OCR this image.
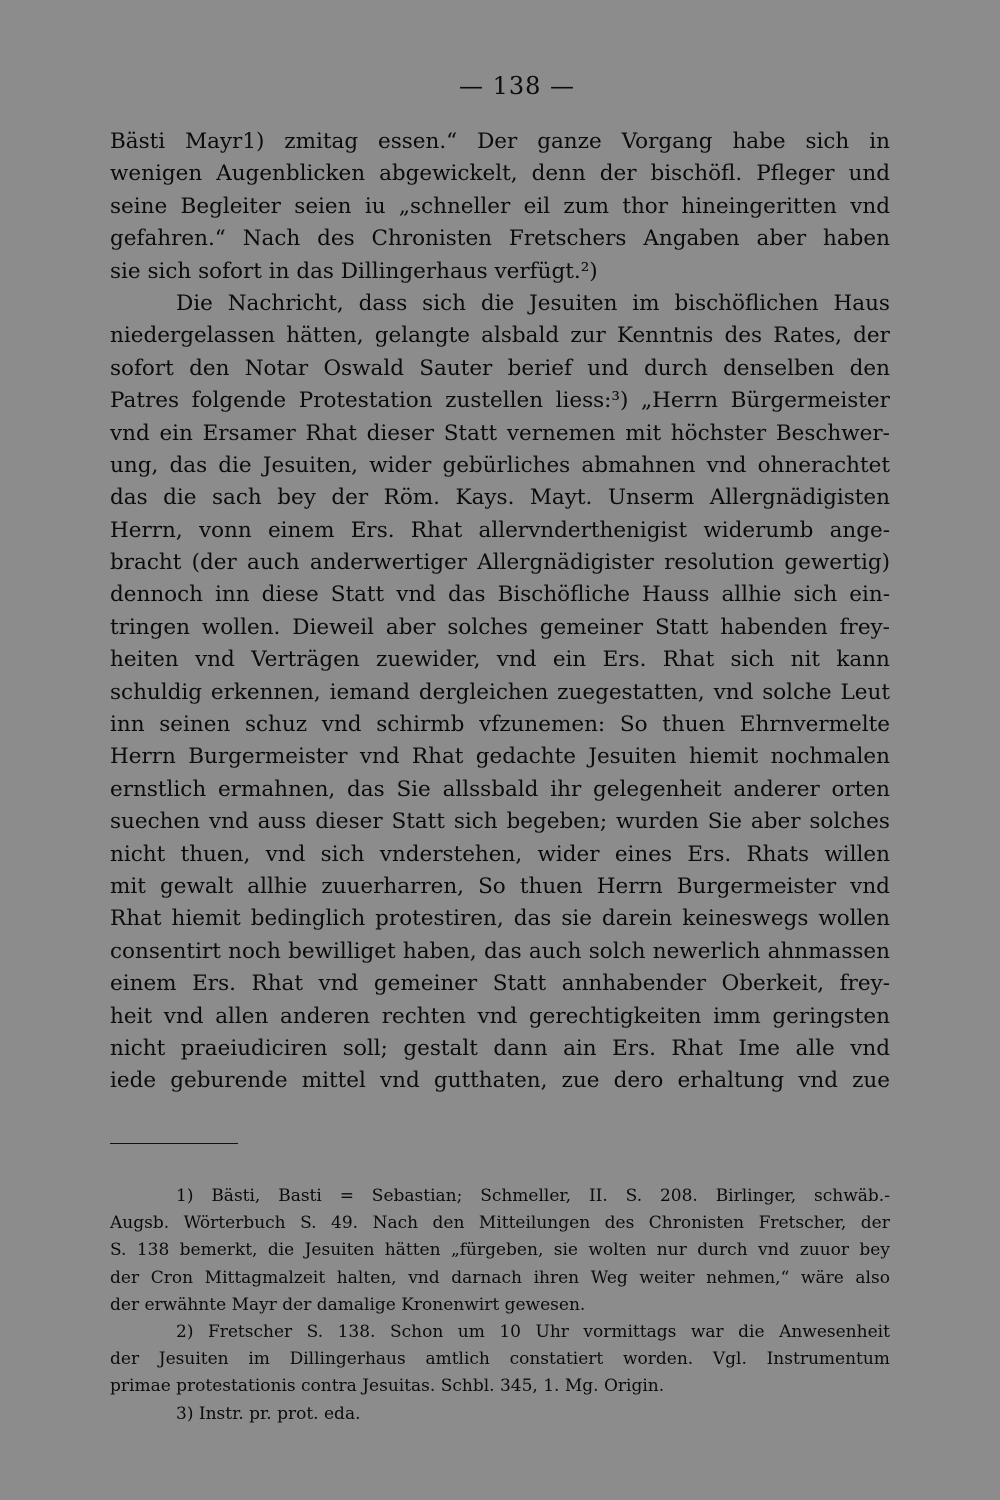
— 138 —
Bästi Mayr1) zmitag essen.“ Der ganze Vorgang habe sich in
wenigen Augenblicken abgewickelt, denn der bischöfl. Pfleger und
seine Begleiter seien iu „schneller eil zum thor hineingeritten vnd
gefahren.“ Nach des Chronisten Fretschers Angaben aber haben
sie sich sofort in das Dillingerhaus verfügt.²)
Die Nachricht, dass sich die Jesuiten im bischöflichen Haus
niedergelassen hätten, gelangte alsbald zur Kenntnis des Rates, der
sofort den Notar Oswald Sauter berief und durch denselben den
Patres folgende Protestation zustellen liess:³) „Herrn Bürgermeister
vnd ein Ersamer Rhat dieser Statt vernemen mit höchster Beschwer-
ung, das die Jesuiten, wider gebürliches abmahnen vnd ohnerachtet
das die sach bey der Röm. Kays. Mayt. Unserm Allergnädigisten
Herrn, vonn einem Ers. Rhat allervnderthenigist widerumb ange-
bracht (der auch anderwertiger Allergnädigister resolution gewertig)
dennoch inn diese Statt vnd das Bischöfliche Hauss allhie sich ein-
tringen wollen. Dieweil aber solches gemeiner Statt habenden frey-
heiten vnd Verträgen zuewider, vnd ein Ers. Rhat sich nit kann
schuldig erkennen, iemand dergleichen zuegestatten, vnd solche Leut
inn seinen schuz vnd schirmb vfzunemen: So thuen Ehrnvermelte
Herrn Burgermeister vnd Rhat gedachte Jesuiten hiemit nochmalen
ernstlich ermahnen, das Sie allssbald ihr gelegenheit anderer orten
suechen vnd auss dieser Statt sich begeben; wurden Sie aber solches
nicht thuen, vnd sich vnderstehen, wider eines Ers. Rhats willen
mit gewalt allhie zuuerharren, So thuen Herrn Burgermeister vnd
Rhat hiemit bedinglich protestiren, das sie darein keineswegs wollen
consentirt noch bewilliget haben, das auch solch newerlich ahnmassen
einem Ers. Rhat vnd gemeiner Statt annhabender Oberkeit, frey-
heit vnd allen anderen rechten vnd gerechtigkeiten imm geringsten
nicht praeiudiciren soll; gestalt dann ain Ers. Rhat Ime alle vnd
iede geburende mittel vnd gutthaten, zue dero erhaltung vnd zue
1) Bästi, Basti = Sebastian; Schmeller, II. S. 208. Birlinger, schwäb.-
Augsb. Wörterbuch S. 49. Nach den Mitteilungen des Chronisten Fretscher, der
S. 138 bemerkt, die Jesuiten hätten „fürgeben, sie wolten nur durch vnd zuuor bey
der Cron Mittagmalzeit halten, vnd darnach ihren Weg weiter nehmen,“ wäre also
der erwähnte Mayr der damalige Kronenwirt gewesen.
2) Fretscher S. 138. Schon um 10 Uhr vormittags war die Anwesenheit
der Jesuiten im Dillingerhaus amtlich constatiert worden. Vgl. Instrumentum
primae protestationis contra Jesuitas. Schbl. 345, 1. Mg. Origin.
3) Instr. pr. prot. eda.
